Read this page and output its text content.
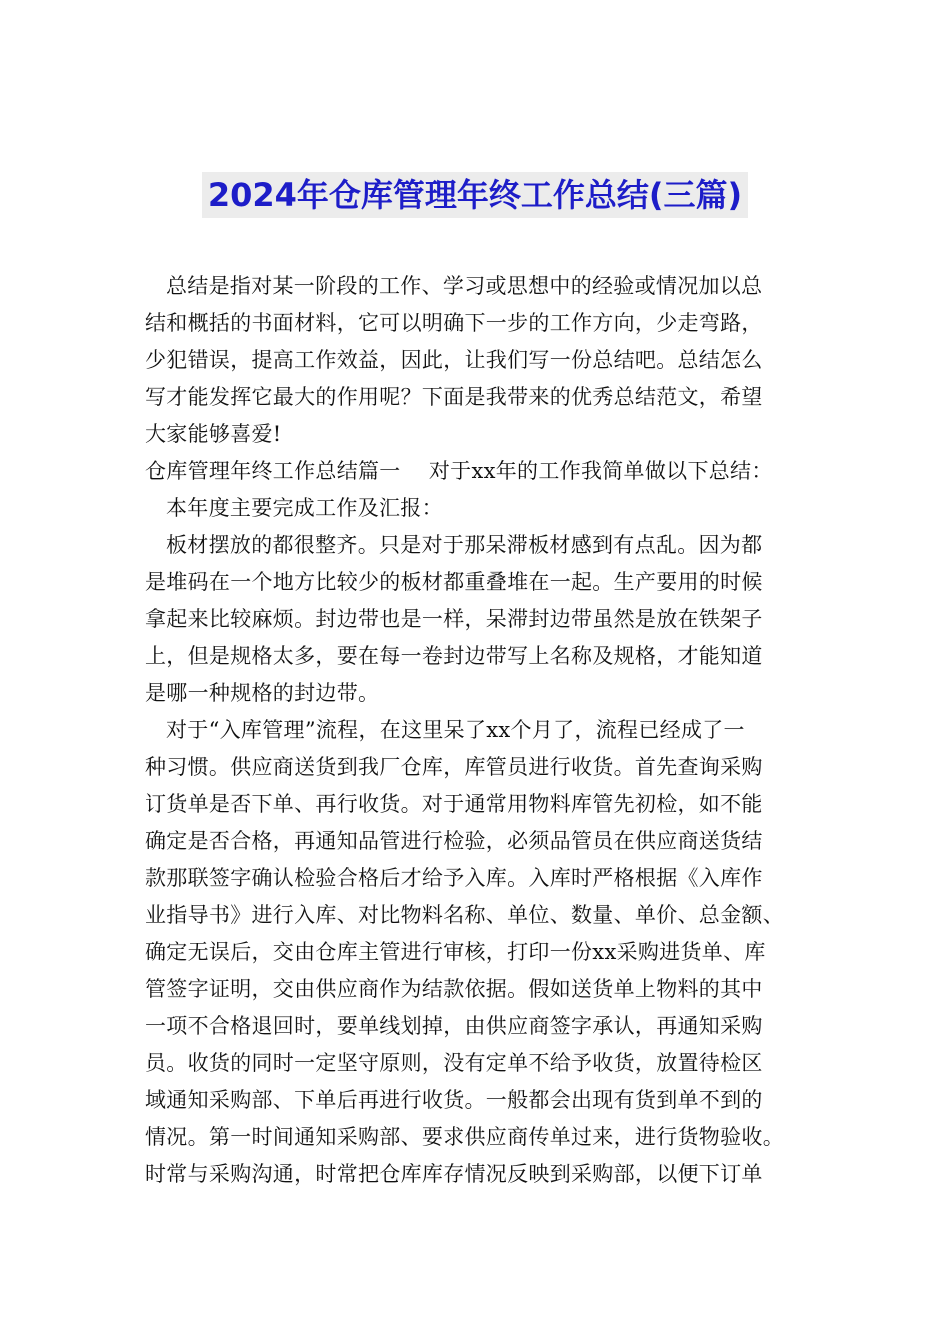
2024年仓库管理年终工作总结(三篇)
总结是指对某一阶段的工作、学习或思想中的经验或情况加以总
结和概括的书面材料，它可以明确下一步的工作方向，少走弯路，
少犯错误，提高工作效益，因此，让我们写一份总结吧。总结怎么
写才能发挥它最大的作用呢？下面是我带来的优秀总结范文，希望
大家能够喜爱!
仓库管理年终工作总结篇一　 对于xx年的工作我简单做以下总结：
本年度主要完成工作及汇报：
板材摆放的都很整齐。只是对于那呆滞板材感到有点乱。因为都
是堆码在一个地方比较少的板材都重叠堆在一起。生产要用的时候
拿起来比较麻烦。封边带也是一样，呆滞封边带虽然是放在铁架子
上，但是规格太多，要在每一卷封边带写上名称及规格，才能知道
是哪一种规格的封边带。
对于“入库管理”流程，在这里呆了xx个月了，流程已经成了一
种习惯。供应商送货到我厂仓库，库管员进行收货。首先查询采购
订货单是否下单、再行收货。对于通常用物料库管先初检，如不能
确定是否合格，再通知品管进行检验，必须品管员在供应商送货结
款那联签字确认检验合格后才给予入库。入库时严格根据《入库作
业指导书》进行入库、对比物料名称、单位、数量、单价、总金额、
确定无误后，交由仓库主管进行审核，打印一份xx采购进货单、库
管签字证明，交由供应商作为结款依据。假如送货单上物料的其中
一项不合格退回时，要单线划掉，由供应商签字承认，再通知采购
员。收货的同时一定坚守原则，没有定单不给予收货，放置待检区
域通知采购部、下单后再进行收货。一般都会出现有货到单不到的
情况。第一时间通知采购部、要求供应商传单过来，进行货物验收。
时常与采购沟通，时常把仓库库存情况反映到采购部，以便下订单
